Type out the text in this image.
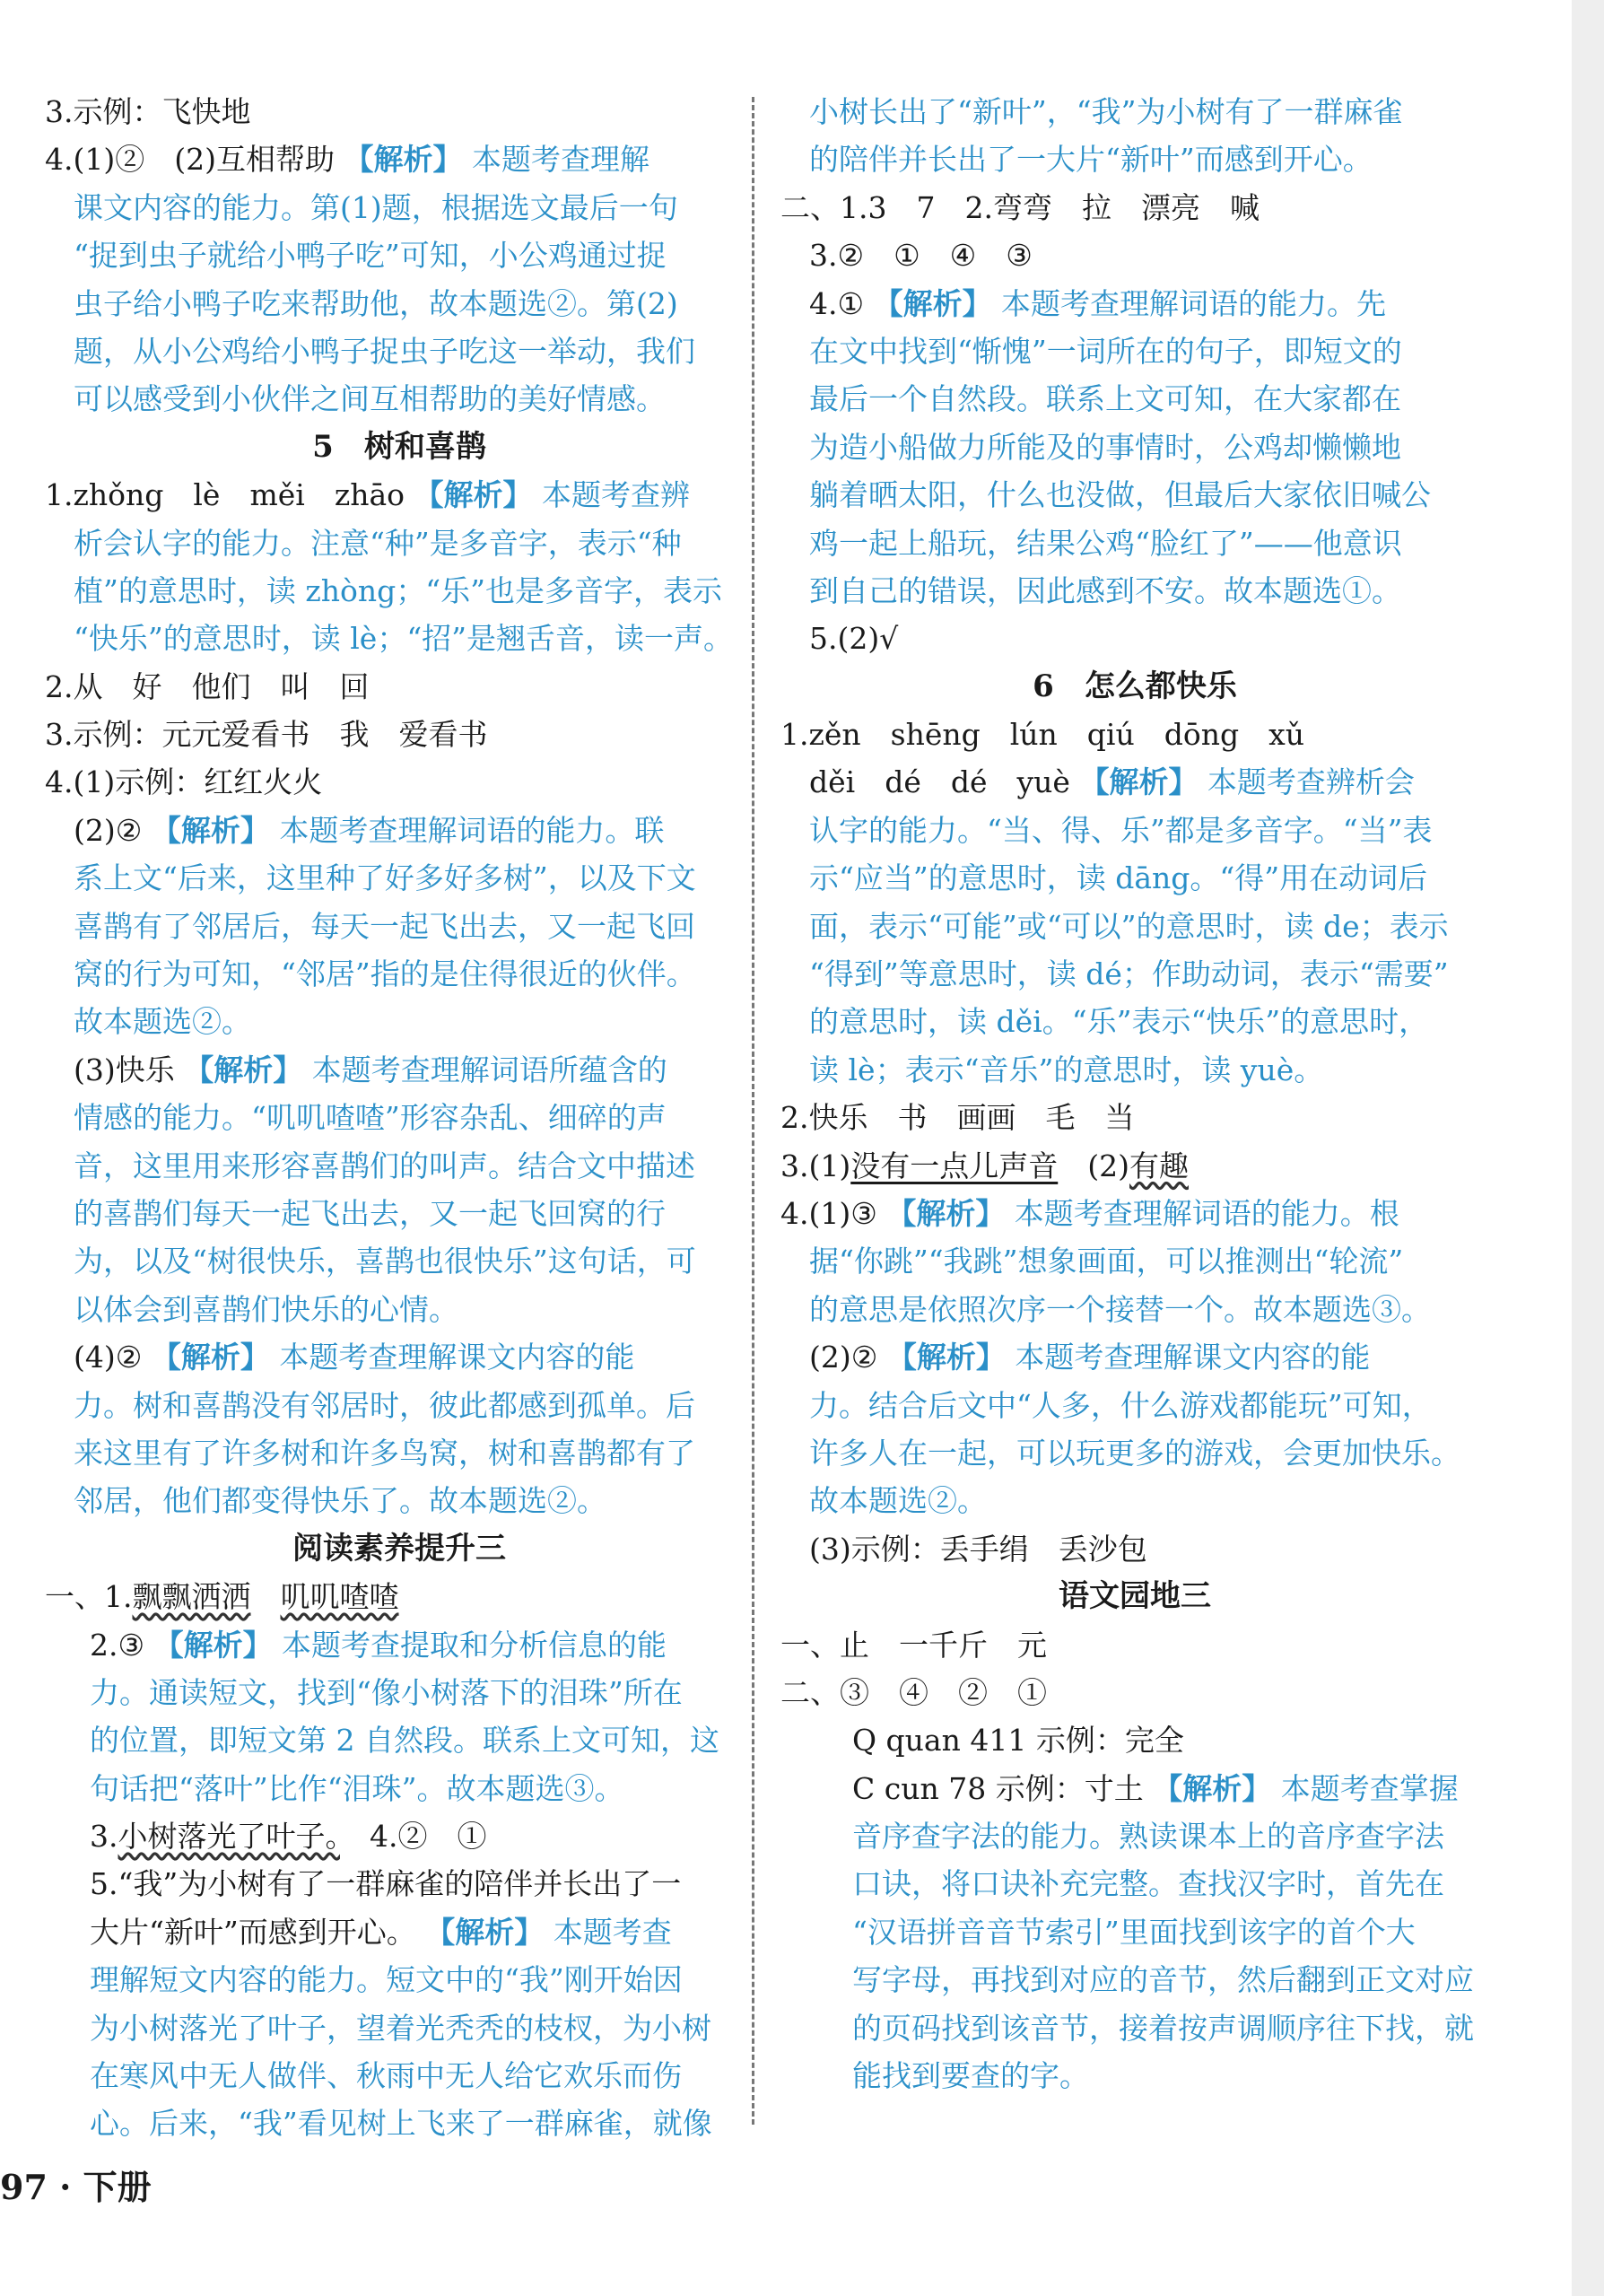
3.示例：飞快地
4.(1)②　(2)互相帮助 【 解析 】 本题考查理解
课文内容的能力。第(1)题，根据选文最后一句
“捉到虫子就给小鸭子吃”可知，小公鸡通过捉
虫子给小鸭子吃来帮助他，故本题选②。第(2)
题，从小公鸡给小鸭子捉虫子吃这一举动，我们
可以感受到小伙伴之间互相帮助的美好情感。
5　树和喜鹊
1.zhǒng　lè　měi　zhāo 【 解析 】 本题考查辨
析会认字的能力。注意“种”是多音字，表示“种
植”的意思时，读 zhòng；“乐”也是多音字，表示
“快乐”的意思时，读 lè；“招”是翘舌音，读一声。
2.从　好　他们　叫　回
3.示例：元元爱看书　我　爱看书
4.(1)示例：红红火火
(2)② 【 解析 】 本题考查理解词语的能力。联
系上文“后来，这里种了好多好多树”，以及下文
喜鹊有了邻居后，每天一起飞出去，又一起飞回
窝的行为可知，“邻居”指的是住得很近的伙伴。
故本题选②。
(3)快乐 【 解析 】 本题考查理解词语所蕴含的
情感的能力。“叽叽喳喳”形容杂乱、细碎的声
音，这里用来形容喜鹊们的叫声。结合文中描述
的喜鹊们每天一起飞出去，又一起飞回窝的行
为，以及“树很快乐，喜鹊也很快乐”这句话，可
以体会到喜鹊们快乐的心情。
(4)② 【 解析 】 本题考查理解课文内容的能
力。树和喜鹊没有邻居时，彼此都感到孤单。后
来这里有了许多树和许多鸟窝，树和喜鹊都有了
邻居，他们都变得快乐了。故本题选②。
阅读素养提升三
一、1.飘飘洒洒　 叽叽喳喳
2.③ 【 解析 】 本题考查提取和分析信息的能
力。通读短文，找到“像小树落下的泪珠”所在
的位置，即短文第 2 自然段。联系上文可知，这
句话把“落叶”比作“泪珠”。故本题选③。
3.小树落光了叶子。　4.②　①
5.“我”为小树有了一群麻雀的陪伴并长出了一
大片“新叶”而感到开心。 【 解析 】 本题考查
理解短文内容的能力。短文中的“我”刚开始因
为小树落光了叶子，望着光秃秃的枝杈，为小树
在寒风中无人做伴、秋雨中无人给它欢乐而伤
心。后来，“我”看见树上飞来了一群麻雀，就像
小树长出了“新叶”，“我”为小树有了一群麻雀
的陪伴并长出了一大片“新叶”而感到开心。
二、1.3　7　2.弯弯　拉　漂亮　喊
3.②　①　④　③
4.① 【 解析 】 本题考查理解词语的能力。先
在文中找到“惭愧”一词所在的句子，即短文的
最后一个自然段。联系上文可知，在大家都在
为造小船做力所能及的事情时，公鸡却懒懒地
躺着晒太阳，什么也没做，但最后大家依旧喊公
鸡一起上船玩，结果公鸡“脸红了”——他意识
到自己的错误，因此感到不安。故本题选①。
5.(2)√
6　怎么都快乐
1.zěn　shēng　lún　qiú　dōng　xǔ
děi　dé　dé　yuè 【 解析 】 本题考查辨析会
认字的能力。“当、得、乐”都是多音字。“当”表
示“应当”的意思时，读 dāng。“得”用在动词后
面，表示“可能”或“可以”的意思时，读 de；表示
“得到”等意思时，读 dé；作助动词，表示“需要”
的意思时，读 děi。“乐”表示“快乐”的意思时，
读 lè；表示“音乐”的意思时，读 yuè。
2.快乐　书　画画　毛　当
3.(1)没有一点儿声音　(2)有趣
4.(1)③ 【 解析 】 本题考查理解词语的能力。根
据“你跳”“我跳”想象画面，可以推测出“轮流”
的意思是依照次序一个接替一个。故本题选③。
(2)② 【 解析 】 本题考查理解课文内容的能
力。结合后文中“人多，什么游戏都能玩”可知，
许多人在一起，可以玩更多的游戏，会更加快乐。
故本题选②。
(3)示例：丢手绢　丢沙包
语文园地三
一、止　一千斤　元
二、③　④　②　①
Q quan 411 示例：完全
C cun 78 示例：寸土 【 解析 】 本题考查掌握
音序查字法的能力。熟读课本上的音序查字法
口诀，将口诀补充完整。查找汉字时，首先在
“汉语拼音音节索引”里面找到该字的首个大
写字母，再找到对应的音节，然后翻到正文对应
的页码找到该音节，接着按声调顺序往下找，就
能找到要查的字。
97 · 下册
